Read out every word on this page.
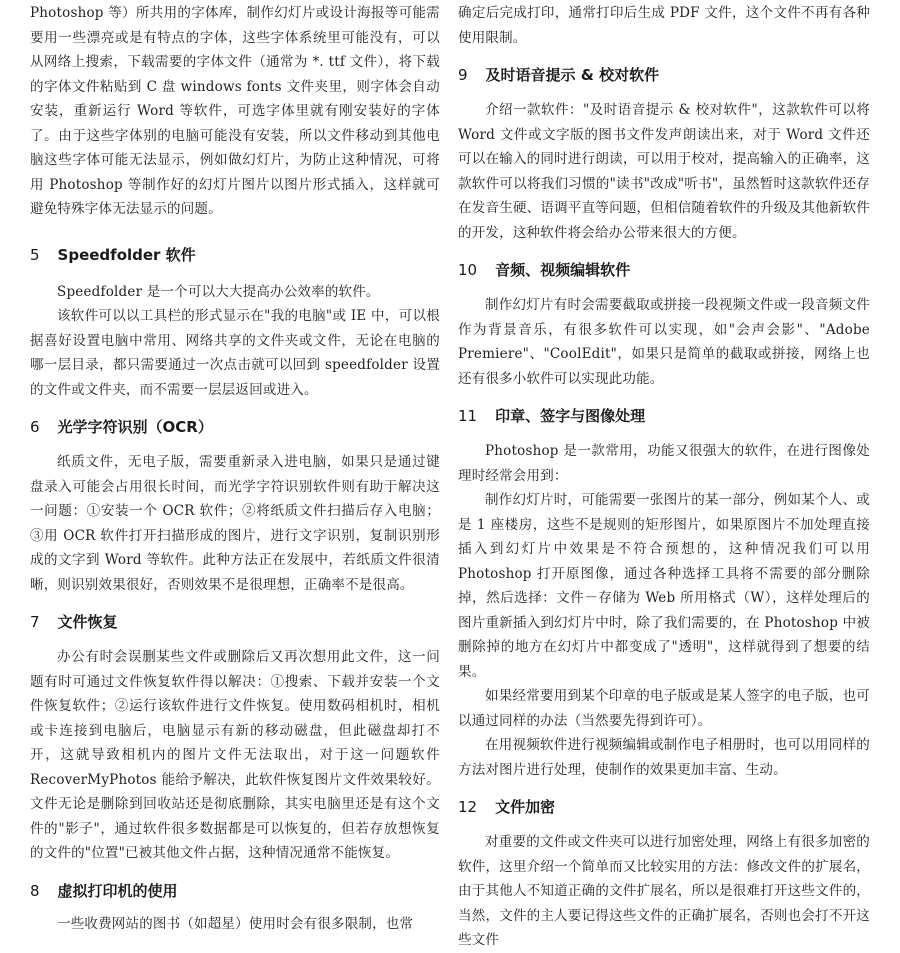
Photoshop 等）所共用的字体库，制作幻灯片或设计海报等可能需要用一些漂亮或是有特点的字体，这些字体系统里可能没有，可以从网络上搜索，下载需要的字体文件（通常为 *. ttf 文件），将下载的字体文件粘贴到 C 盘 windows fonts 文件夹里，则字体会自动安装，重新运行 Word 等软件，可选字体里就有刚安装好的字体了。由于这些字体别的电脑可能没有安装，所以文件移动到其他电脑这些字体可能无法显示，例如做幻灯片，为防止这种情况，可将用 Photoshop 等制作好的幻灯片图片以图片形式插入，这样就可避免特殊字体无法显示的问题。

5 Speedfolder 软件

Speedfolder 是一个可以大大提高办公效率的软件。

该软件可以以工具栏的形式显示在"我的电脑"或 IE 中，可以根据喜好设置电脑中常用、网络共享的文件夹或文件，无论在电脑的哪一层目录，都只需要通过一次点击就可以回到 speedfolder 设置的文件或文件夹，而不需要一层层返回或进入。

6 光学字符识别（OCR）

纸质文件，无电子版，需要重新录入进电脑，如果只是通过键盘录入可能会占用很长时间，而光学字符识别软件则有助于解决这一问题：①安装一个 OCR 软件；②将纸质文件扫描后存入电脑；③用 OCR 软件打开扫描形成的图片，进行文字识别，复制识别形成的文字到 Word 等软件。此种方法正在发展中，若纸质文件很清晰，则识别效果很好，否则效果不是很理想，正确率不是很高。

7 文件恢复

办公有时会误删某些文件或删除后又再次想用此文件，这一问题有时可通过文件恢复软件得以解决：①搜索、下载并安装一个文件恢复软件；②运行该软件进行文件恢复。使用数码相机时，相机或卡连接到电脑后，电脑显示有新的移动磁盘，但此磁盘却打不开，这就导致相机内的图片文件无法取出，对于这一问题软件 RecoverMyPhotos 能给予解决，此软件恢复图片文件效果较好。文件无论是删除到回收站还是彻底删除，其实电脑里还是有这个文件的"影子"，通过软件很多数据都是可以恢复的，但若存放想恢复的文件的"位置"已被其他文件占据，这种情况通常不能恢复。

8 虚拟打印机的使用

一些收费网站的图书（如超星）使用时会有很多限制，也常

确定后完成打印，通常打印后生成 PDF 文件，这个文件不再有各种使用限制。

9 及时语音提示 & 校对软件

介绍一款软件："及时语音提示 & 校对软件"，这款软件可以将 Word 文件或文字版的图书文件发声朗读出来，对于 Word 文件还可以在输入的同时进行朗读，可以用于校对，提高输入的正确率，这款软件可以将我们习惯的"读书"改成"听书"，虽然暂时这款软件还存在发音生硬、语调平直等问题，但相信随着软件的升级及其他新软件的开发，这种软件将会给办公带来很大的方便。

10 音频、视频编辑软件

制作幻灯片有时会需要截取或拼接一段视频文件或一段音频文件作为背景音乐，有很多软件可以实现，如"会声会影"、"Adobe Premiere"、"CoolEdit"，如果只是简单的截取或拼接，网络上也还有很多小软件可以实现此功能。

11 印章、签字与图像处理

Photoshop 是一款常用，功能又很强大的软件，在进行图像处理时经常会用到：

制作幻灯片时，可能需要一张图片的某一部分，例如某个人、或是 1 座楼房，这些不是规则的矩形图片，如果原图片不加处理直接插入到幻灯片中效果是不符合预想的，这种情况我们可以用 Photoshop 打开原图像，通过各种选择工具将不需要的部分删除掉，然后选择：文件－存储为 Web 所用格式（W），这样处理后的图片重新插入到幻灯片中时，除了我们需要的，在 Photoshop 中被删除掉的地方在幻灯片中都变成了"透明"，这样就得到了想要的结果。

如果经常要用到某个印章的电子版或是某人签字的电子版，也可以通过同样的办法（当然要先得到许可）。

在用视频软件进行视频编辑或制作电子相册时，也可以用同样的方法对图片进行处理，使制作的效果更加丰富、生动。

12 文件加密

对重要的文件或文件夹可以进行加密处理，网络上有很多加密的软件，这里介绍一个简单而又比较实用的方法：修改文件的扩展名，由于其他人不知道正确的文件扩展名，所以是很难打开这些文件的，当然，文件的主人要记得这些文件的正确扩展名，否则也会打不开这些文件
